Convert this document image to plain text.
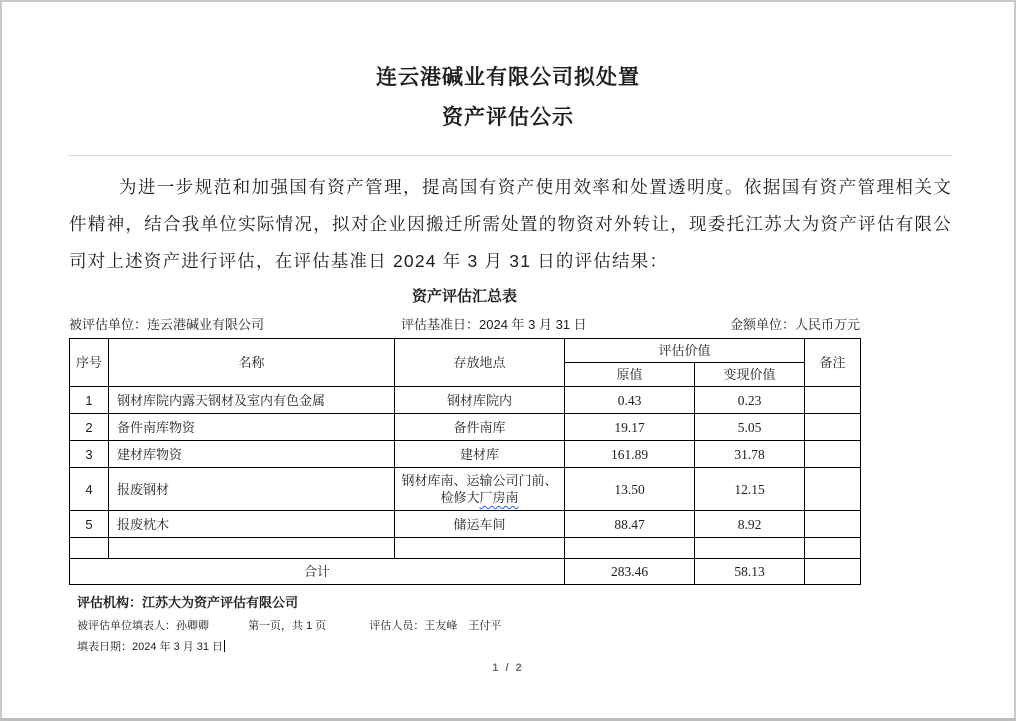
连云港碱业有限公司拟处置
资产评估公示

为进一步规范和加强国有资产管理，提高国有资产使用效率和处置透明度。依据国有资产管理相关文件精神，结合我单位实际情况，拟对企业因搬迁所需处置的物资对外转让，现委托江苏大为资产评估有限公司对上述资产进行评估，在评估基准日 2024 年 3 月 31 日的评估结果：

资产评估汇总表
被评估单位：连云港碱业有限公司	评估基准日：2024 年 3 月 31 日	金额单位：人民币万元
序号	名称	存放地点	评估价值		备注
			原值	变现价值	
1	钢材库院内露天钢材及室内有色金属	钢材库院内	0.43	0.23	
2	备件南库物资	备件南库	19.17	5.05	
3	建材库物资	建材库	161.89	31.78	
4	报废钢材	钢材库南、运输公司门前、
检修大厂房南	13.50	12.15	
5	报废枕木	储运车间	88.47	8.92	

合计			283.46	58.13	
评估机构：江苏大为资产评估有限公司
被评估单位填表人：孙卿卿	第一页，共 1 页	评估人员：王友峰　王付平
填表日期：2024 年 3 月 31 日
1 / 2
